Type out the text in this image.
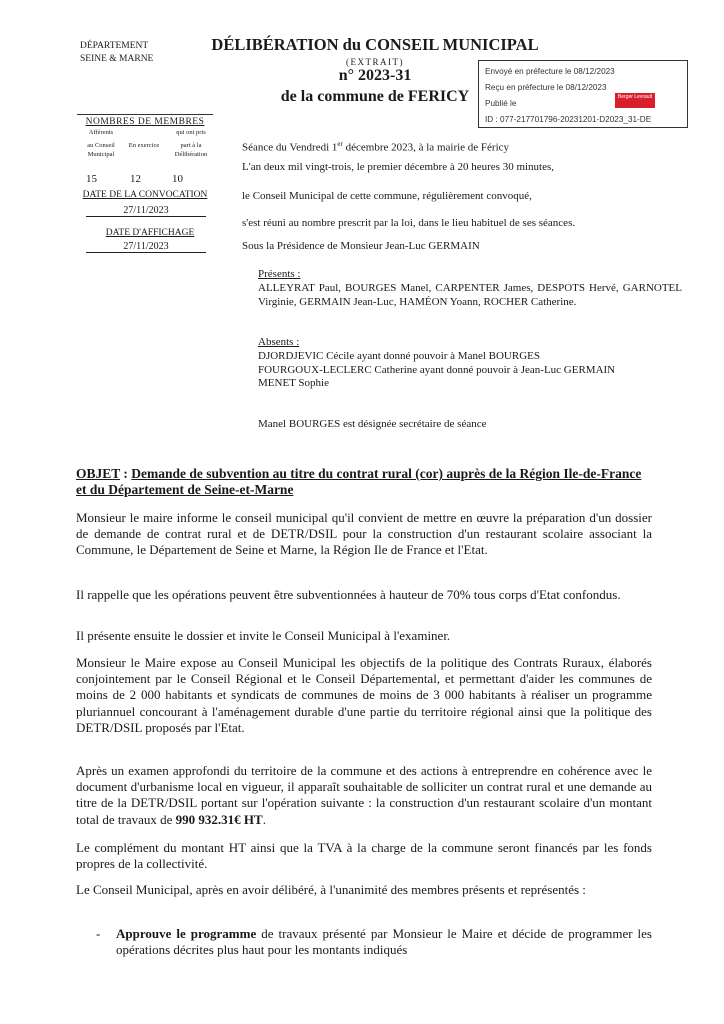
DÉPARTEMENT
SEINE & MARNE
DÉLIBÉRATION du CONSEIL MUNICIPAL
(EXTRAIT)
n° 2023-31
de la commune de FERICY
Envoyé en préfecture le 08/12/2023
Reçu en préfecture le 08/12/2023
Publié le
ID : 077-217701796-20231201-D2023_31-DE
Berger Levrault
NOMBRES DE MEMBRES
Afférents
au Conseil
Municipal
En exercice
qui ont pris
part à la
Délibération
15	12	10
DATE DE LA CONVOCATION
27/11/2023
DATE D'AFFICHAGE
27/11/2023
Séance du Vendredi 1er décembre 2023, à la mairie de Féricy
L'an deux mil vingt-trois, le premier décembre à 20 heures 30 minutes,
le Conseil Municipal de cette commune, régulièrement convoqué,
s'est réuni au nombre prescrit par la loi, dans le lieu habituel de ses séances.
Sous la Présidence de Monsieur Jean-Luc GERMAIN
Présents :
ALLEYRAT Paul, BOURGES Manel, CARPENTER James, DESPOTS Hervé, GARNOTEL Virginie, GERMAIN Jean-Luc, HAMÉON Yoann, ROCHER Catherine.
Absents :
DJORDJEVIC Cécile ayant donné pouvoir à Manel BOURGES
FOURGOUX-LECLERC Catherine ayant donné pouvoir à Jean-Luc GERMAIN
MENET Sophie
Manel BOURGES est désignée secrétaire de séance
OBJET : Demande de subvention au titre du contrat rural (cor) auprès de la Région Ile-de-France et du Département de Seine-et-Marne
Monsieur le maire informe le conseil municipal qu'il convient de mettre en œuvre la préparation d'un dossier de demande de contrat rural et de DETR/DSIL pour la construction d'un restaurant scolaire associant la Commune, le Département de Seine et Marne, la Région Ile de France et l'Etat.
Il rappelle que les opérations peuvent être subventionnées à hauteur de 70% tous corps d'Etat confondus.
Il présente ensuite le dossier et invite le Conseil Municipal à l'examiner.
Monsieur le Maire expose au Conseil Municipal les objectifs de la politique des Contrats Ruraux, élaborés conjointement par le Conseil Régional et le Conseil Départemental, et permettant d'aider les communes de moins de 2 000 habitants et syndicats de communes de moins de 3 000 habitants à réaliser un programme pluriannuel concourant à l'aménagement durable d'une partie du territoire régional ainsi que la politique des DETR/DSIL proposés par l'Etat.
Après un examen approfondi du territoire de la commune et des actions à entreprendre en cohérence avec le document d'urbanisme local en vigueur, il apparaît souhaitable de solliciter un contrat rural et une demande au titre de la DETR/DSIL portant sur l'opération suivante : la construction d'un restaurant scolaire d'un montant total de travaux de 990 932.31€ HT.
Le complément du montant HT ainsi que la TVA à la charge de la commune seront financés par les fonds propres de la collectivité.
Le Conseil Municipal, après en avoir délibéré, à l'unanimité des membres présents et représentés :
- Approuve le programme de travaux présenté par Monsieur le Maire et décide de programmer les opérations décrites plus haut pour les montants indiqués
